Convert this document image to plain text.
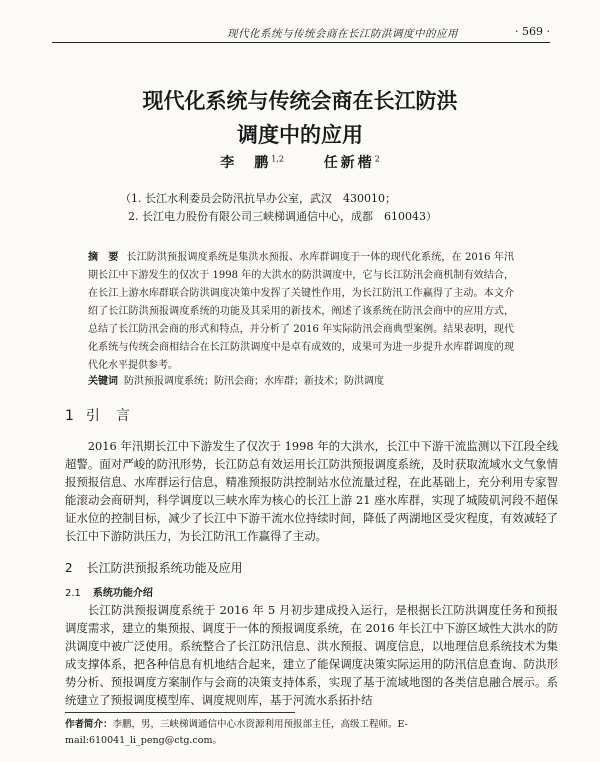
现代化系统与传统会商在长江防洪调度中的应用	· 569 ·
现代化系统与传统会商在长江防洪
调度中的应用
李　鹏$^{1,2}$	任新楷$^2$
（1. 长江水利委员会防汛抗旱办公室，武汉　430010；
2. 长江电力股份有限公司三峡梯调通信中心，成都　610043）
摘　要 长江防洪预报调度系统是集洪水预报、水库群调度于一体的现代化系统，在 2016 年汛期长江中下游发生的仅次于 1998 年的大洪水的防洪调度中，它与长江防汛会商机制有效结合，在长江上游水库群联合防洪调度决策中发挥了关键性作用，为长江防汛工作赢得了主动。本文介绍了长江防洪预报调度系统的功能及其采用的新技术，阐述了该系统在防汛会商中的应用方式，总结了长江防汛会商的形式和特点，并分析了 2016 年实际防汛会商典型案例。结果表明，现代化系统与传统会商相结合在长江防洪调度中是卓有成效的，成果可为进一步提升水库群调度的现代化水平提供参考。
关键词 防洪预报调度系统；防汛会商；水库群；新技术；防洪调度
1 引言
2016 年汛期长江中下游发生了仅次于 1998 年的大洪水，长江中下游干流监测以下江段全线超警。面对严峻的防汛形势，长江防总有效运用长江防洪预报调度系统，及时获取流域水文气象情报预报信息、水库群运行信息，精准预报防洪控制站水位流量过程，在此基础上，充分利用专家智能滚动会商研判，科学调度以三峡水库为核心的长江上游 21 座水库群，实现了城陵矶河段不超保证水位的控制目标，减少了长江中下游干流水位持续时间，降低了两湖地区受灾程度，有效减轻了长江中下游防洪压力，为长江防汛工作赢得了主动。
2 长江防洪预报系统功能及应用
2.1 系统功能介绍
长江防洪预报调度系统于 2016 年 5 月初步建成投入运行，是根据长江防洪调度任务和预报调度需求，建立的集预报、调度于一体的预报调度系统，在 2016 年长江中下游区域性大洪水的防洪调度中被广泛使用。系统整合了长江防汛信息、洪水预报、调度信息，以地理信息系统技术为集成支撑体系，把各种信息有机地结合起来，建立了能保调度决策实际运用的防汛信息查询、防洪形势分析、预报调度方案制作与会商的决策支持体系，实现了基于流域地图的各类信息融合展示。系统建立了预报调度模型库、调度规则库，基于河流水系拓扑结
作者简介：李鹏，男，三峡梯调通信中心水资源利用预报部主任，高级工程师。E-mail:610041_li_peng@ctg.com。
